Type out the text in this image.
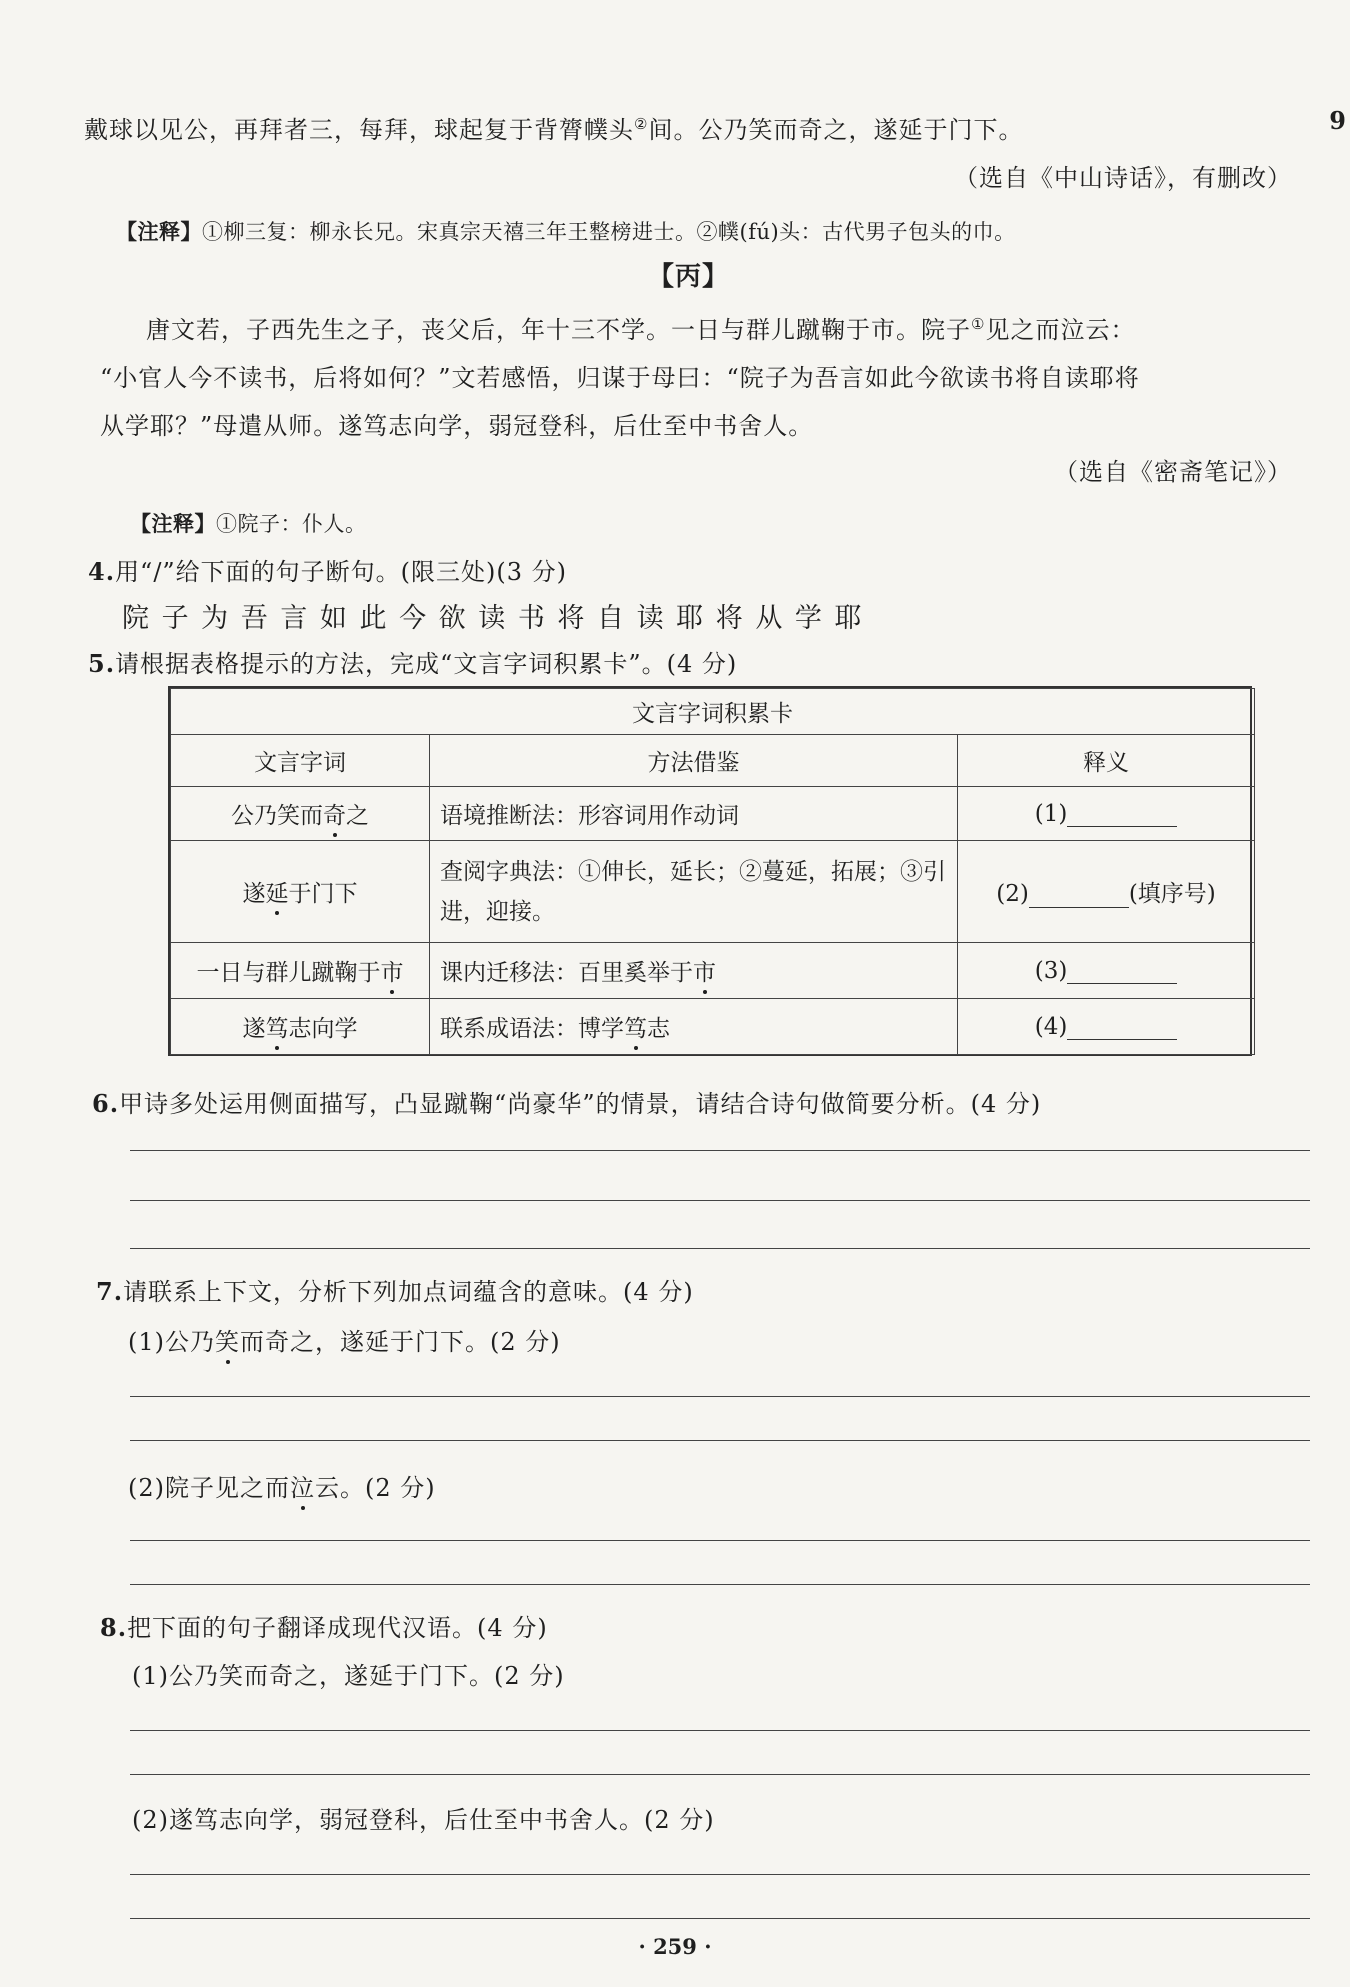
戴球以见公，再拜者三，每拜，球起复于背膂幞头②间。公乃笑而奇之，遂延于门下。
（选自《中山诗话》，有删改）
【注释】①柳三复：柳永长兄。宋真宗天禧三年王整榜进士。②幞(fú)头：古代男子包头的巾。
【丙】
唐文若，子西先生之子，丧父后，年十三不学。一日与群儿蹴鞠于市。院子①见之而泣云：
“小官人今不读书，后将如何？”文若感悟，归谋于母曰：“院子为吾言如此今欲读书将自读耶将
从学耶？”母遣从师。遂笃志向学，弱冠登科，后仕至中书舍人。
（选自《密斋笔记》）
【注释】①院子：仆人。
4.用“/”给下面的句子断句。(限三处)(3 分)
院 子 为 吾 言 如 此 今 欲 读 书 将 自 读 耶 将 从 学 耶
5.请根据表格提示的方法，完成“文言字词积累卡”。(4 分)
文言字词积累卡		
文言字词	方法借鉴	释义
公乃笑而奇之	语境推断法：形容词用作动词	(1)
遂延于门下	查阅字典法：①伸长，延长；②蔓延，拓展；③引进，迎接。	(2) (填序号)
一日与群儿蹴鞠于市	课内迁移法：百里奚举于市	(3)
遂笃志向学	联系成语法：博学笃志	(4)
6.甲诗多处运用侧面描写，凸显蹴鞠“尚豪华”的情景，请结合诗句做简要分析。(4 分)
7.请联系上下文，分析下列加点词蕴含的意味。(4 分)
(1)公乃笑而奇之，遂延于门下。(2 分)
(2)院子见之而泣云。(2 分)
8.把下面的句子翻译成现代汉语。(4 分)
(1)公乃笑而奇之，遂延于门下。(2 分)
(2)遂笃志向学，弱冠登科，后仕至中书舍人。(2 分)
· 259 ·
9
